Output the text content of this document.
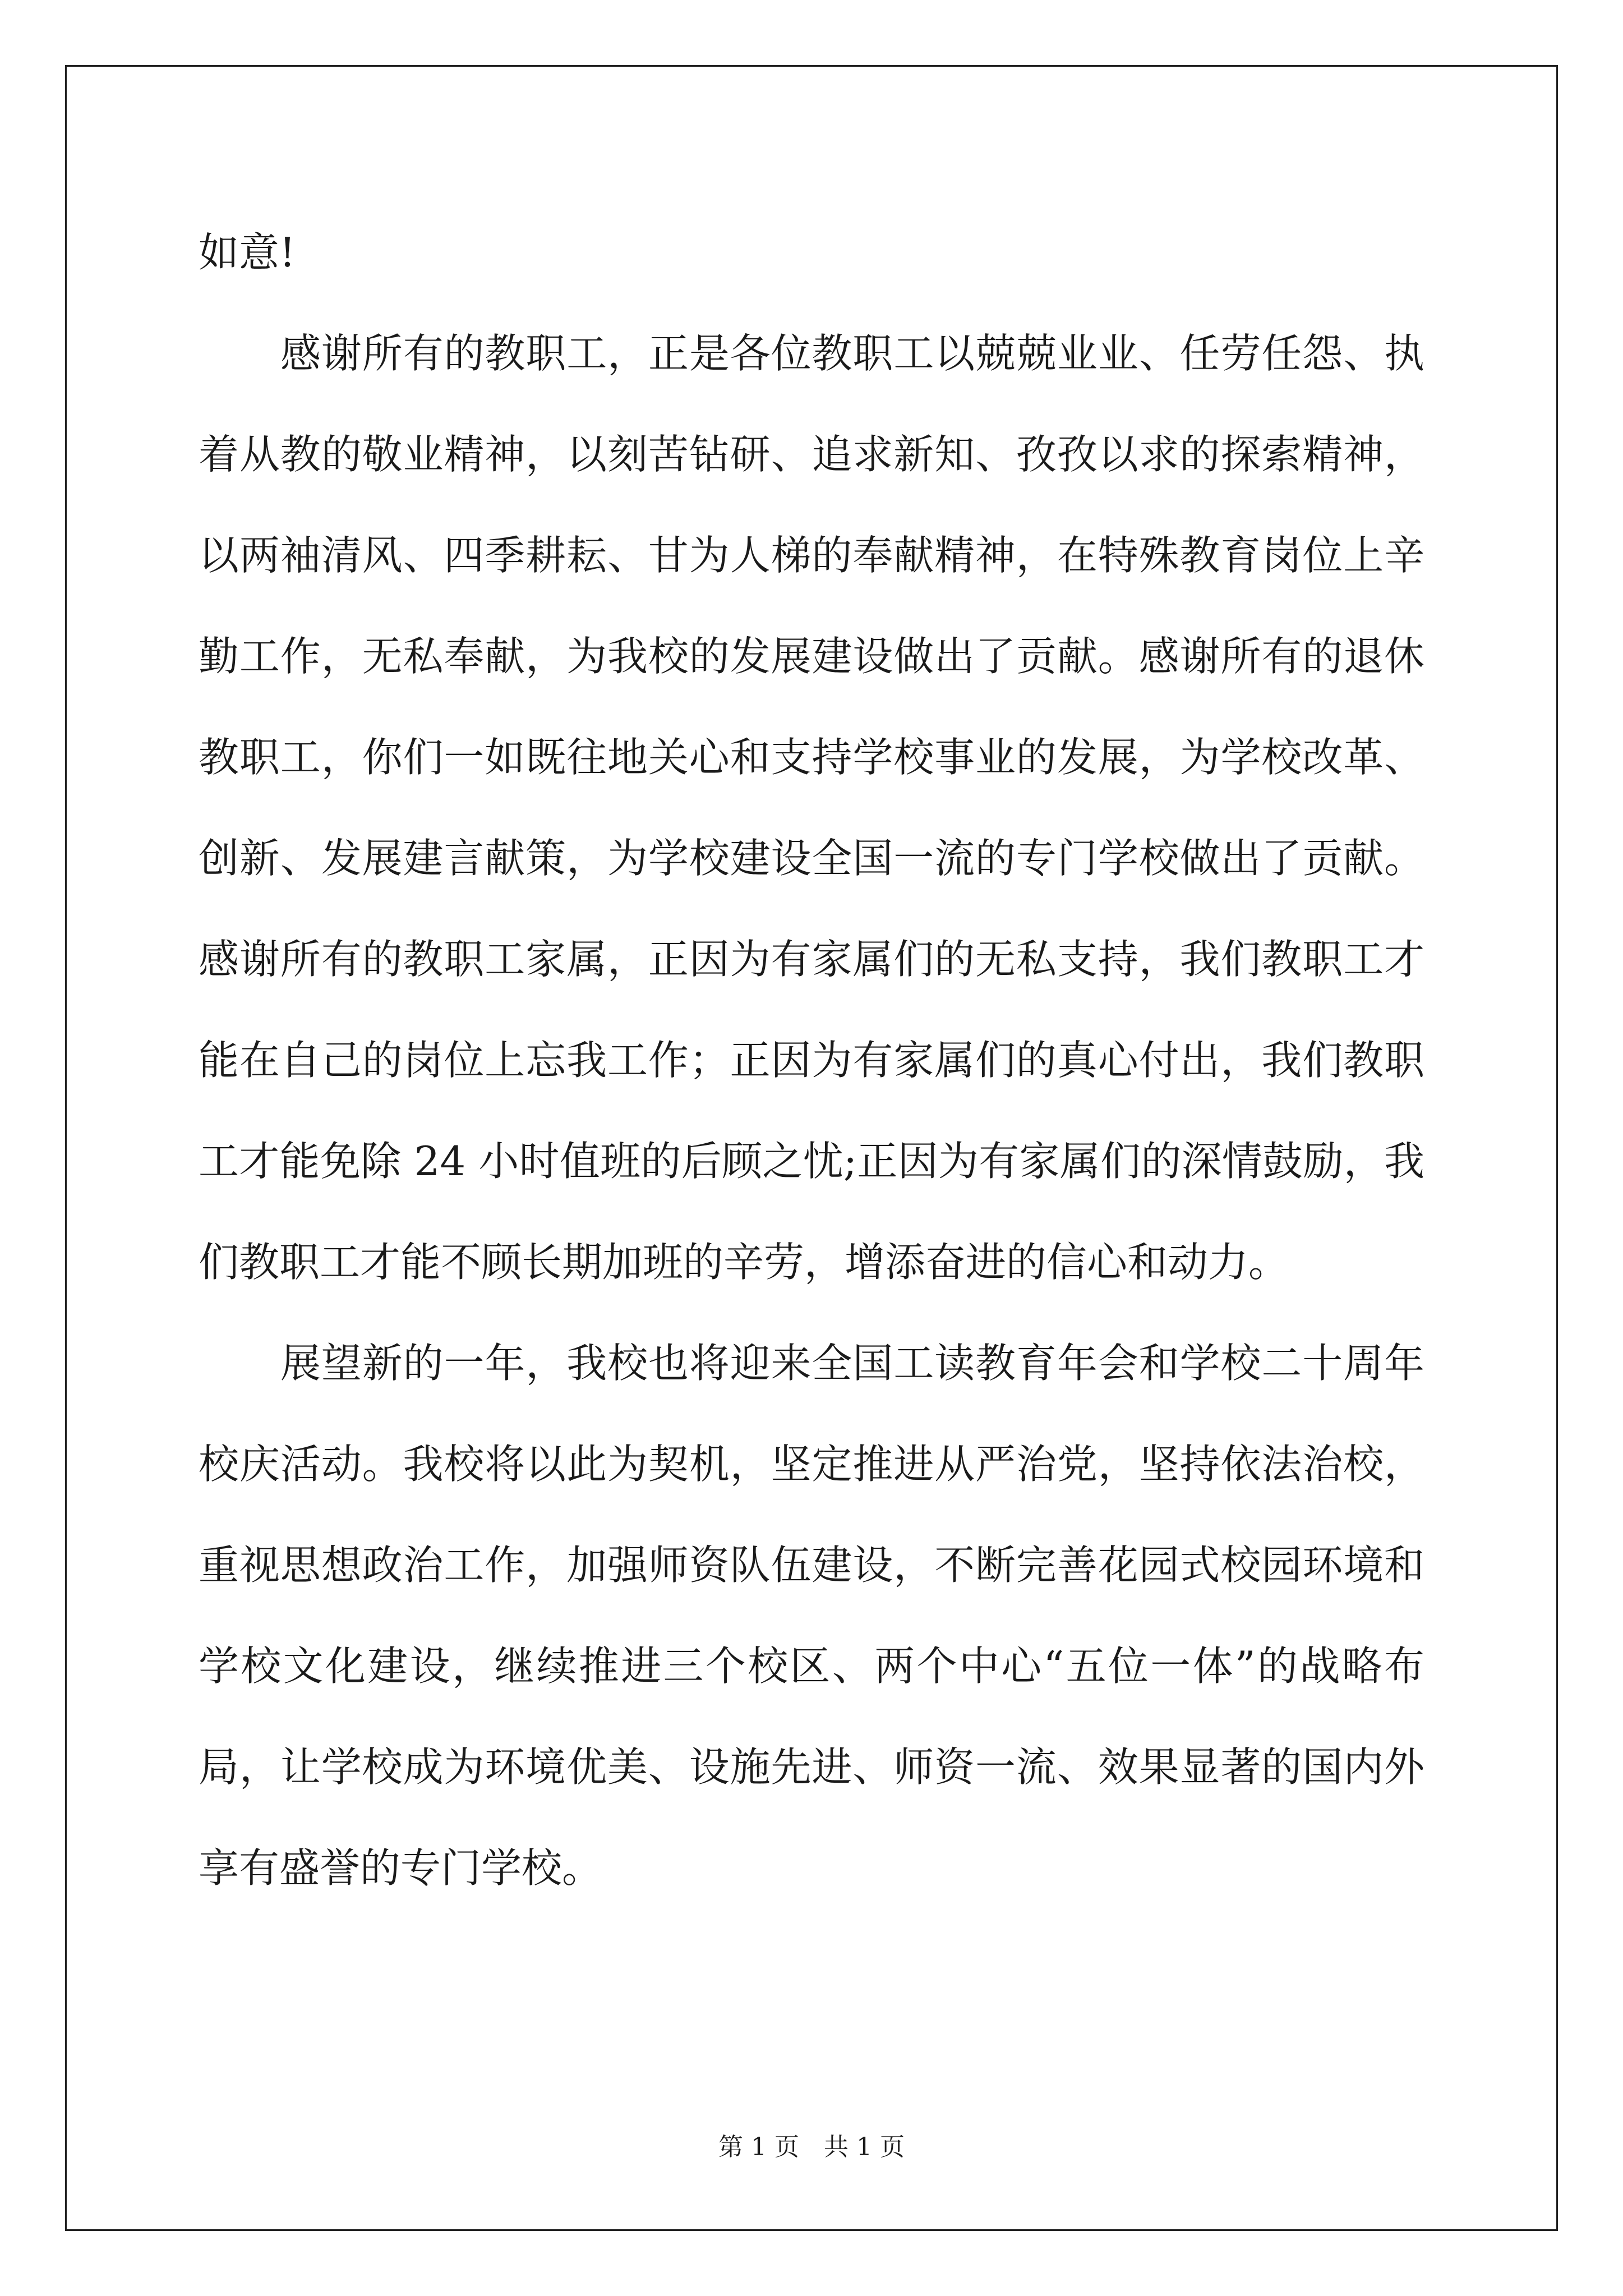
如意!
感谢所有的教职工，正是各位教职工以兢兢业业、任劳任怨、执
着从教的敬业精神，以刻苦钻研、追求新知、孜孜以求的探索精神，
以两袖清风、四季耕耘、甘为人梯的奉献精神，在特殊教育岗位上辛
勤工作，无私奉献，为我校的发展建设做出了贡献。感谢所有的退休
教职工，你们一如既往地关心和支持学校事业的发展，为学校改革、
创新、发展建言献策，为学校建设全国一流的专门学校做出了贡献。
感谢所有的教职工家属，正因为有家属们的无私支持，我们教职工才
能在自己的岗位上忘我工作；正因为有家属们的真心付出，我们教职
工才能免除 24 小时值班的后顾之忧;正因为有家属们的深情鼓励，我
们教职工才能不顾长期加班的辛劳，增添奋进的信心和动力。
展望新的一年，我校也将迎来全国工读教育年会和学校二十周年
校庆活动。我校将以此为契机，坚定推进从严治党，坚持依法治校，
重视思想政治工作，加强师资队伍建设，不断完善花园式校园环境和
学校文化建设，继续推进三个校区、两个中心“五位一体”的战略布
局，让学校成为环境优美、设施先进、师资一流、效果显著的国内外
享有盛誉的专门学校。
第 1 页　共 1 页
